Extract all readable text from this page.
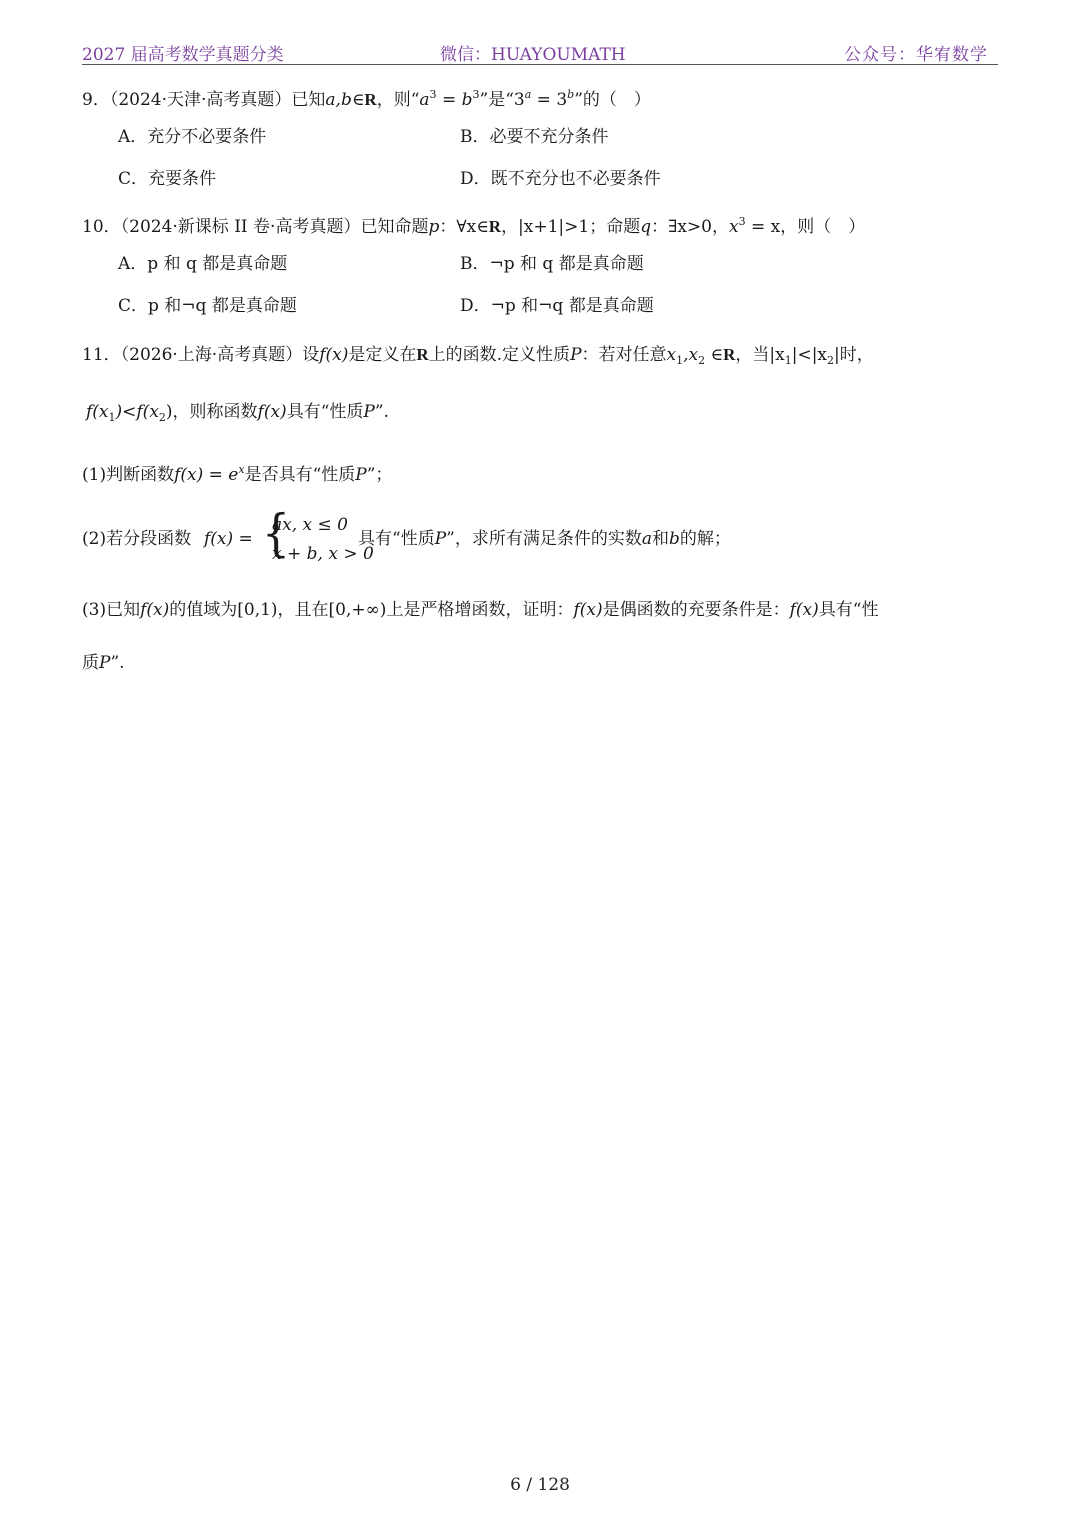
2027 届高考数学真题分类	微信：HUAYOUMATH	公众号：华宥数学
9．（2024·天津·高考真题）已知a,b∈R，则“$a^3 = b^3$”是“$3^a = 3^b$”的（　）
A．充分不必要条件	B．必要不充分条件
C．充要条件	D．既不充分也不必要条件
10．（2024·新课标 II 卷·高考真题）已知命题p：∀x∈R，|x+1|>1；命题q：∃x>0，$x^3 = x$，则（　）
A．p 和 q 都是真命题	B．¬p 和 q 都是真命题
C．p 和¬q 都是真命题	D．¬p 和¬q 都是真命题
11．（2026·上海·高考真题）设f(x)是定义在R上的函数.定义性质P：若对任意$x_1,x_2$ ∈R，当$|x_1|<|x_2|$时，
$f(x_1)<f(x_2)$，则称函数f(x)具有“性质P”.
(1)判断函数$f(x) = e^x$是否具有“性质P”；
(2)若分段函数 f(x) = {
ax, x ≤ 0
x + b, x > 0
具有“性质P”，求所有满足条件的实数a和b的解；
(3)已知f(x)的值域为[0,1)，且在[0,+∞)上是严格增函数，证明：f(x)是偶函数的充要条件是：f(x)具有“性
质P”.
6 / 128
